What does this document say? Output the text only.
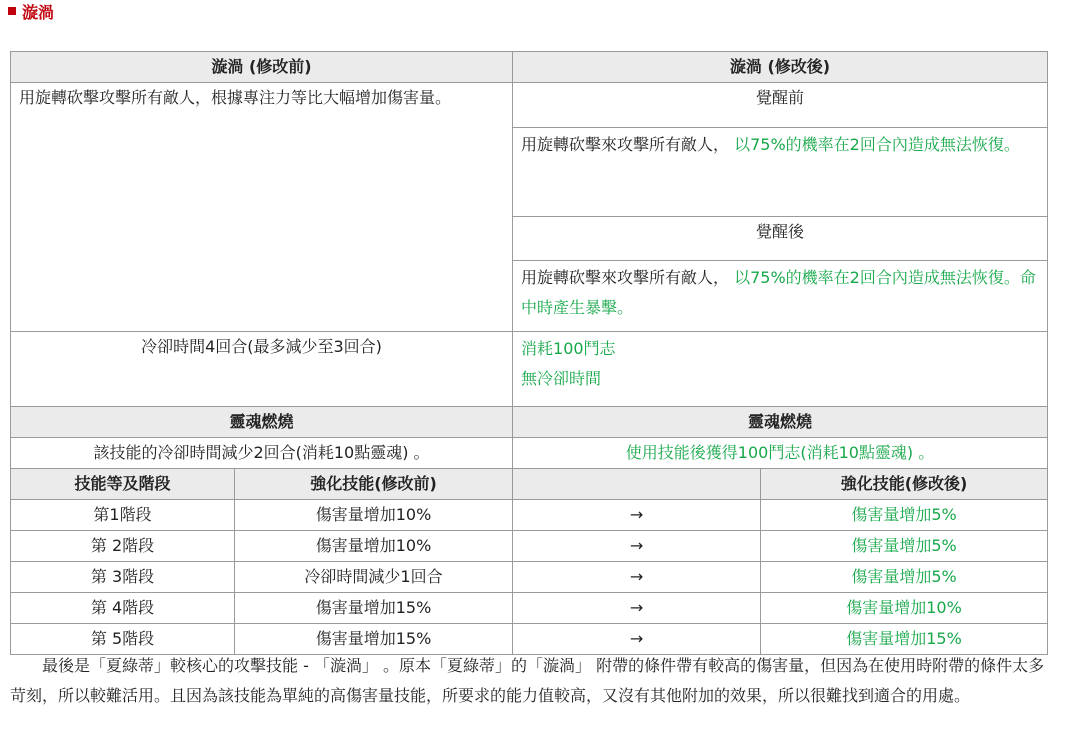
漩渦
漩渦 (修改前)		漩渦 (修改後)	
用旋轉砍擊攻擊所有敵人，根據專注力等比大幅增加傷害量。		覺醒前	
		用旋轉砍擊來攻擊所有敵人， 以75%的機率在2回合內造成無法恢復。	
		覺醒後	
		用旋轉砍擊來攻擊所有敵人， 以75%的機率在2回合內造成無法恢復。命中時產生暴擊。	
冷卻時間4回合(最多減少至3回合)		消耗100鬥志
無冷卻時間	

靈魂燃燒		靈魂燃燒	
該技能的冷卻時間減少2回合(消耗10點靈魂) 。		使用技能後獲得100鬥志(消耗10點靈魂) 。	
技能等及階段	強化技能(修改前)		強化技能(修改後)
第1階段	傷害量增加10%	→	傷害量增加5%
第 2階段	傷害量增加10%	→	傷害量增加5%
第 3階段	冷卻時間減少1回合	→	傷害量增加5%
第 4階段	傷害量增加15%	→	傷害量增加10%
第 5階段	傷害量增加15%	→	傷害量增加15%

最後是「夏綠蒂」較核心的攻擊技能 - 「漩渦」 。原本「夏綠蒂」的「漩渦」 附帶的條件帶有較高的傷害量，但因為在使用時附帶的條件太多苛刻，所以較難活用。且因為該技能為單純的高傷害量技能，所要求的能力值較高，又沒有其他附加的效果，所以很難找到適合的用處。
